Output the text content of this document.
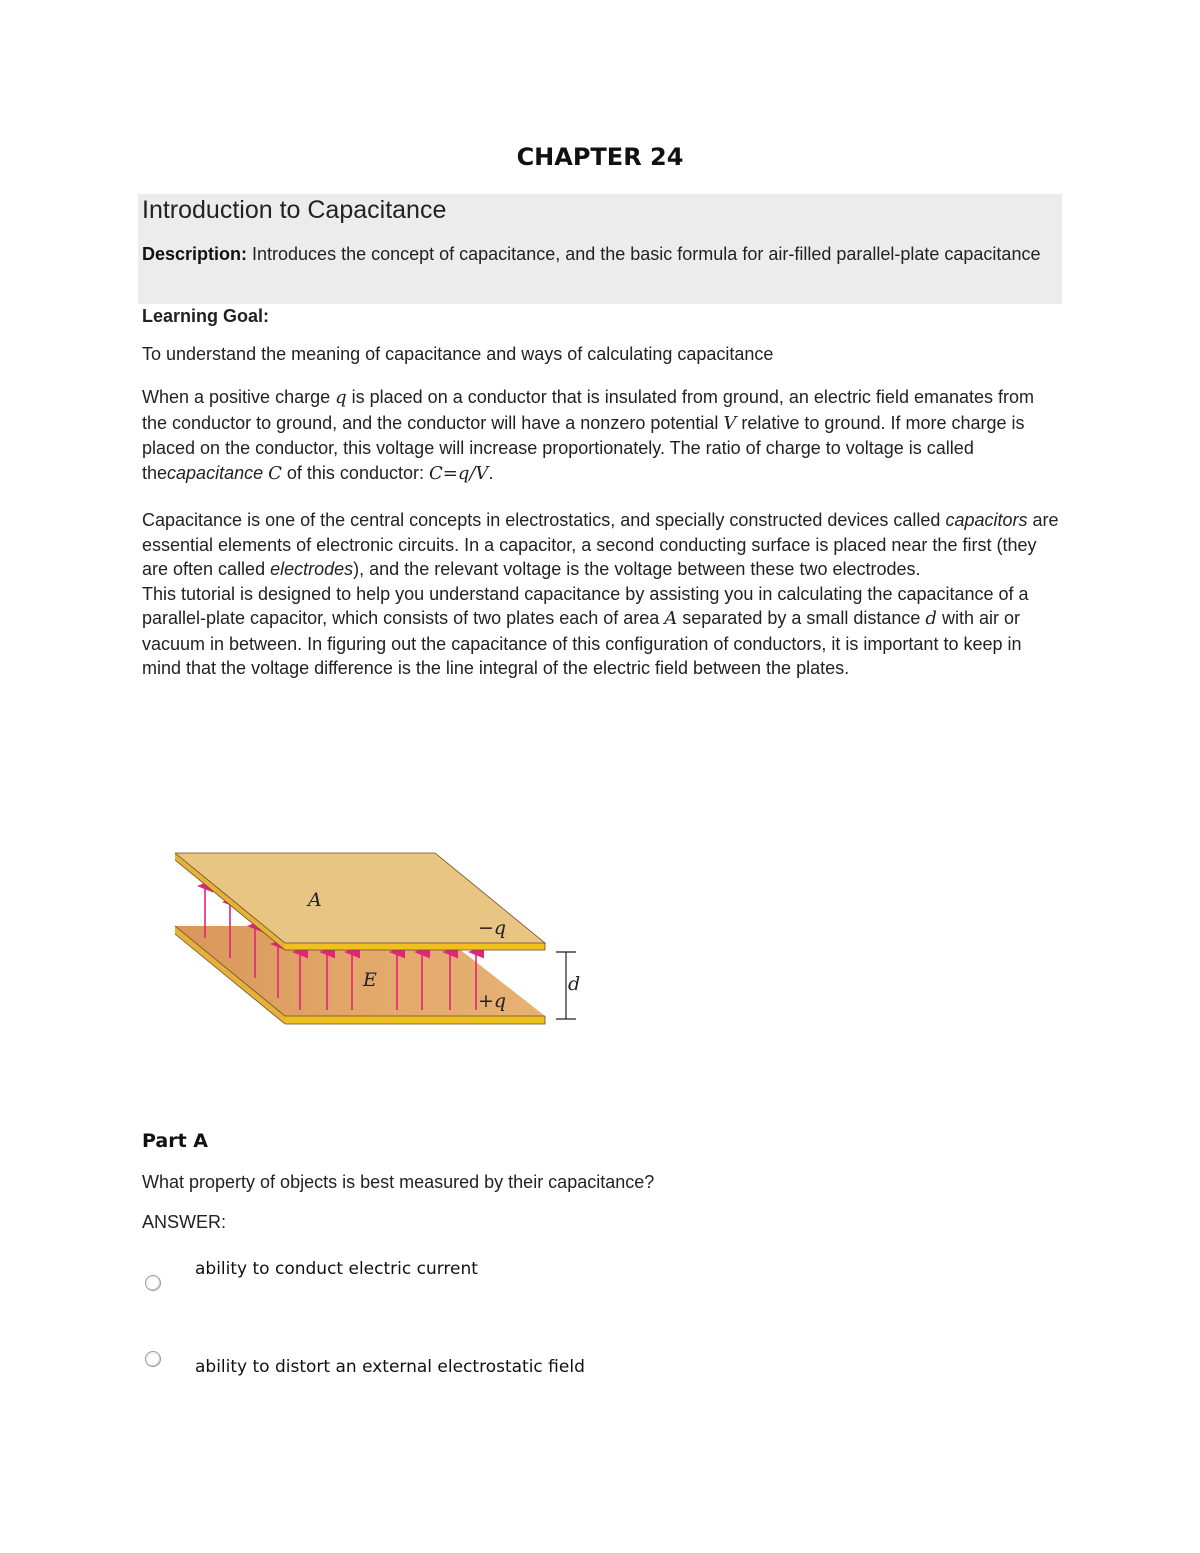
CHAPTER 24
Introduction to Capacitance
Description: Introduces the concept of capacitance, and the basic formula for air-filled parallel-plate capacitance
Learning Goal:
To understand the meaning of capacitance and ways of calculating capacitance
When a positive charge q is placed on a conductor that is insulated from ground, an electric field emanates from the conductor to ground, and the conductor will have a nonzero potential V relative to ground. If more charge is placed on the conductor, this voltage will increase proportionately. The ratio of charge to voltage is called thecapacitance C of this conductor: C=q/V.
Capacitance is one of the central concepts in electrostatics, and specially constructed devices called capacitors are essential elements of electronic circuits. In a capacitor, a second conducting surface is placed near the first (they are often called electrodes), and the relevant voltage is the voltage between these two electrodes.
This tutorial is designed to help you understand capacitance by assisting you in calculating the capacitance of a parallel-plate capacitor, which consists of two plates each of area A separated by a small distance d with air or vacuum in between. In figuring out the capacitance of this configuration of conductors, it is important to keep in mind that the voltage difference is the line integral of the electric field between the plates.
A
−q
E
+q
d
Part A
What property of objects is best measured by their capacitance?
ANSWER:
ability to conduct electric current
ability to distort an external electrostatic field
